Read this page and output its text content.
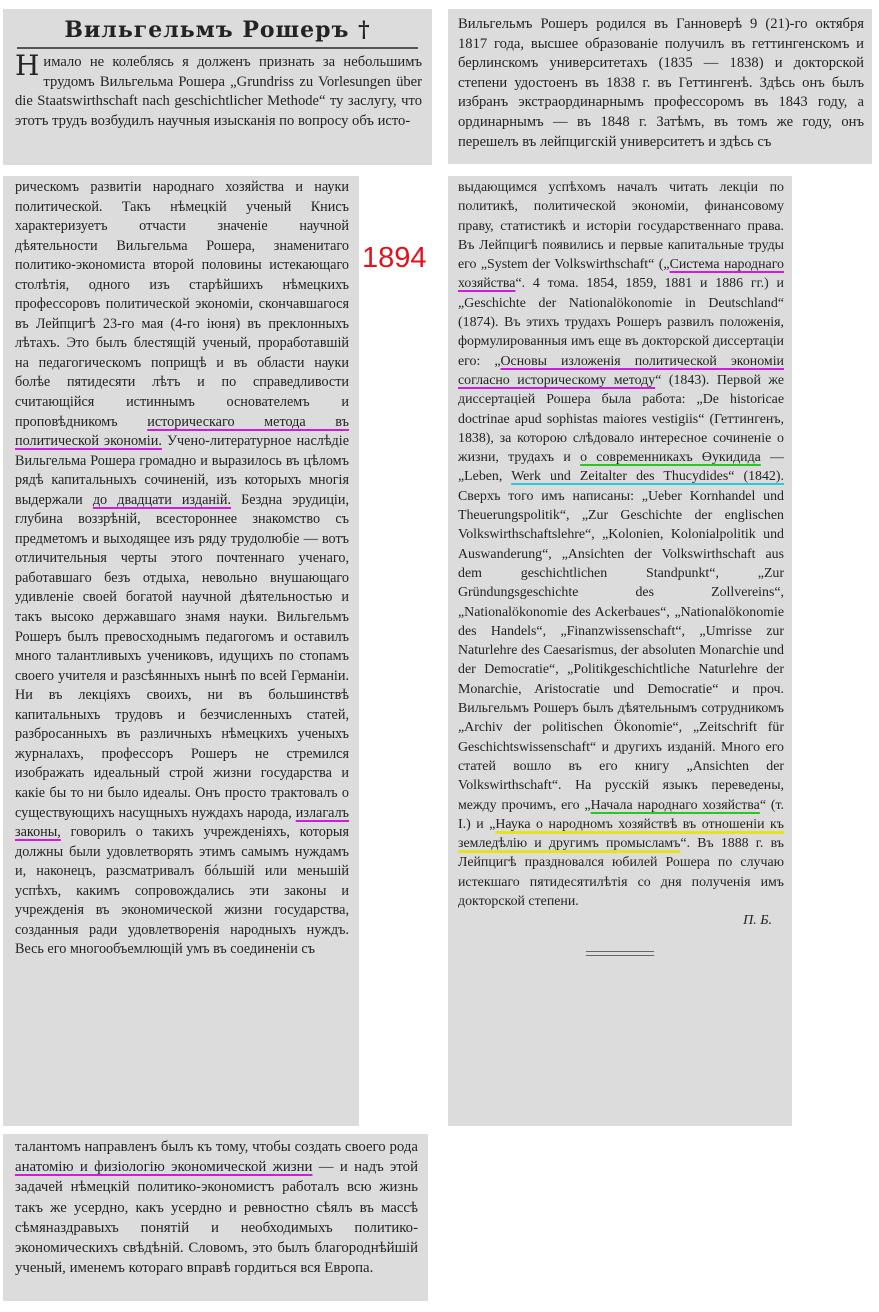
1894
Вильгельмъ Рошеръ †

Нимало не колеблясь я долженъ признать за небольшимъ трудомъ Вильгельма Рошера „Grundriss zu Vorlesungen über die Staatswirthschaft nach geschichtlicher Methode“ ту заслугу, что этотъ трудъ возбудилъ научныя изысканія по вопросу объ исто-

рическомъ развитіи народнаго хозяйства и науки политической. Такъ нѣмецкій ученый Книсъ характеризуетъ отчасти значеніе научной дѣятельности Вильгельма Рошера, знаменитаго политико-экономиста второй половины истекающаго столѣтія, одного изъ старѣйшихъ нѣмецкихъ профессоровъ политической экономіи, скончавшагося въ Лейпцигѣ 23-го мая (4-го іюня) въ преклонныхъ лѣтахъ. Это былъ блестящій ученый, проработавшій на педагогическомъ поприщѣ и въ области науки болѣе пятидесяти лѣтъ и по справедливости считающійся истиннымъ основателемъ и проповѣдникомъ историческаго метода въ политической экономіи. Учено-литературное наслѣдіе Вильгельма Рошера громадно и выразилось въ цѣломъ рядѣ капитальныхъ сочиненій, изъ которыхъ многія выдержали до двадцати изданій. Бездна эрудиціи, глубина воззрѣній, всестороннее знакомство съ предметомъ и выходящее изъ ряду трудолюбіе — вотъ отличительныя черты этого почтеннаго ученаго, работавшаго безъ отдыха, невольно внушающаго удивленіе своей богатой научной дѣятельностью и такъ высоко державшаго знамя науки. Вильгельмъ Рошеръ былъ превосходнымъ педагогомъ и оставилъ много талантливыхъ учениковъ, идущихъ по стопамъ своего учителя и разсѣянныхъ нынѣ по всей Германіи. Ни въ лекціяхъ своихъ, ни въ большинствѣ капитальныхъ трудовъ и безчисленныхъ статей, разбросанныхъ въ различныхъ нѣмецкихъ ученыхъ журналахъ, профессоръ Рошеръ не стремился изображать идеальный строй жизни государства и какіе бы то ни было идеалы. Онъ просто трактовалъ о существующихъ насущныхъ нуждахъ народа, излагалъ законы, говорилъ о такихъ учрежденіяхъ, которыя должны были удовлетворять этимъ самымъ нуждамъ и, наконецъ, разсматривалъ бóльшій или меньшій успѣхъ, какимъ сопровождались эти законы и учрежденія въ экономической жизни государства, созданныя ради удовлетворенія народныхъ нуждъ. Весь его многообъемлющій умъ въ соединеніи съ

талантомъ направленъ былъ къ тому, чтобы создать своего рода анатомію и физіологію экономической жизни — и надъ этой задачей нѣмецкій политико-экономистъ работалъ всю жизнь такъ же усердно, какъ усердно и ревностно сѣялъ въ массѣ сѣмяназдравыхъ понятій и необходимыхъ политико-экономическихъ свѣдѣній. Словомъ, это былъ благороднѣйшій ученый, именемъ котораго вправѣ гордиться вся Европа.

Вильгельмъ Рошеръ родился въ Ганноверѣ 9 (21)-го октября 1817 года, высшее образованіе получилъ въ геттингенскомъ и берлинскомъ университетахъ (1835 — 1838) и докторской степени удостоенъ въ 1838 г. въ Геттингенѣ. Здѣсь онъ былъ избранъ экстраординарнымъ профессоромъ въ 1843 году, а ординарнымъ — въ 1848 г. Затѣмъ, въ томъ же году, онъ перешелъ въ лейпцигскій университетъ и здѣсь съ

выдающимся успѣхомъ началъ читать лекціи по политикѣ, политической экономіи, финансовому праву, статистикѣ и исторіи государственнаго права. Въ Лейпцигѣ появились и первые капитальные труды его „System der Volkswirthschaft“ („Система народнаго хозяйства“. 4 тома. 1854, 1859, 1881 и 1886 гг.) и „Geschichte der Nationalökonomie in Deutschland“ (1874). Въ этихъ трудахъ Рошеръ развилъ положенія, формулированныя имъ еще въ докторской диссертаціи его: „Основы изложенія политической экономіи согласно историческому методу“ (1843). Первой же диссертаціей Рошера была работа: „De historicae doctrinae apud sophistas maiores vestigiis“ (Геттингенъ, 1838), за которою слѣдовало интересное сочиненіе о жизни, трудахъ и о современникахъ Өукидида — „Leben, Werk und Zeitalter des Thucydides“ (1842). Сверхъ того имъ написаны: „Ueber Kornhandel und Theuerungspolitik“, „Zur Geschichte der englischen Volkswirthschaftslehre“, „Kolonien, Kolonialpolitik und Auswanderung“, „Ansichten der Volkswirthschaft aus dem geschichtlichen Standpunkt“, „Zur Gründungsgeschichte des Zollvereins“, „Nationalökonomie des Ackerbaues“, „Nationalökonomie des Handels“, „Finanzwissenschaft“, „Umrisse zur Naturlehre des Caesarismus, der absoluten Monarchie und der Democratie“, „Politikgeschichtliche Naturlehre der Monarchie, Aristocratie und Democratie“ и проч. Вильгельмъ Рошеръ былъ дѣятельнымъ сотрудникомъ „Archiv der politischen Ökonomie“, „Zeitschrift für Geschichtswissenschaft“ и другихъ изданій. Много его статей вошло въ его книгу „Ansichten der Volkswirthschaft“. На русскій языкъ переведены, между прочимъ, его „Начала народнаго хозяйства“ (т. I.) и „Наука о народномъ хозяйствѣ въ отношеніи къ земледѣлію и другимъ промысламъ“. Въ 1888 г. въ Лейпцигѣ праздновался юбилей Рошера по случаю истекшаго пятидесятилѣтія со дня полученія имъ докторской степени.

П. Б.
